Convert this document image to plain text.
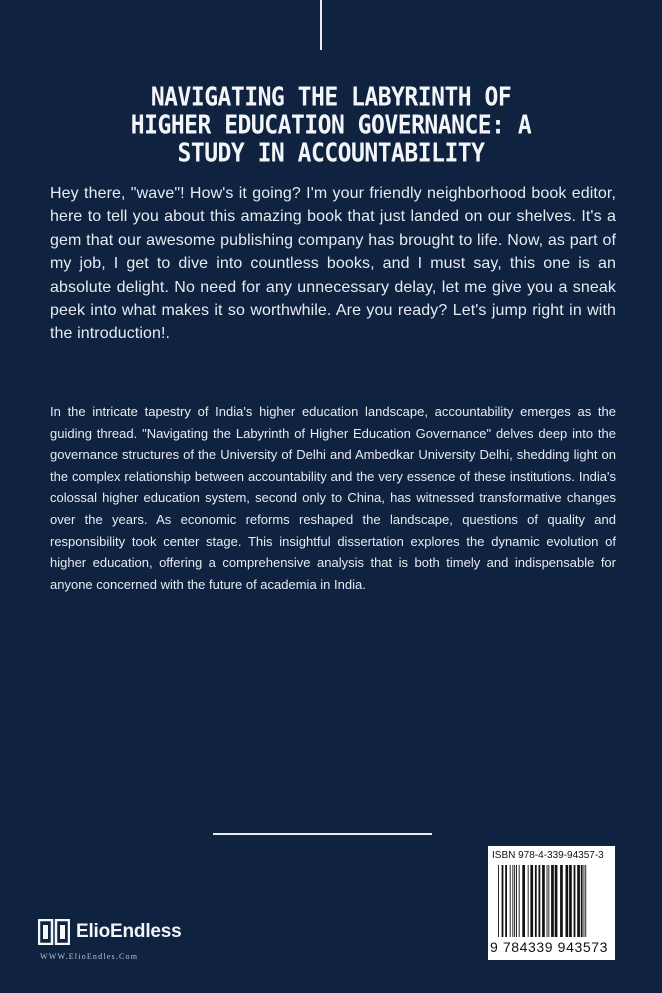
NAVIGATING THE LABYRINTH OF
HIGHER EDUCATION GOVERNANCE: A
STUDY IN ACCOUNTABILITY

Hey there, "wave"! How's it going? I'm your friendly neighborhood book editor, here to tell you about this amazing book that just landed on our shelves. It's a gem that our awesome publishing company has brought to life. Now, as part of my job, I get to dive into countless books, and I must say, this one is an absolute delight. No need for any unnecessary delay, let me give you a sneak peek into what makes it so worthwhile. Are you ready? Let's jump right in with the introduction!.

In the intricate tapestry of India's higher education landscape, accountability emerges as the guiding thread. "Navigating the Labyrinth of Higher Education Governance" delves deep into the governance structures of the University of Delhi and Ambedkar University Delhi, shedding light on the complex relationship between accountability and the very essence of these institutions. India's colossal higher education system, second only to China, has witnessed transformative changes over the years. As economic reforms reshaped the landscape, questions of quality and responsibility took center stage. This insightful dissertation explores the dynamic evolution of higher education, offering a comprehensive analysis that is both timely and indispensable for anyone concerned with the future of academia in India.

ISBN 978-4-339-94357-3
9 784339 943573
ElioEndless
WWW.ElioEndles.Com
